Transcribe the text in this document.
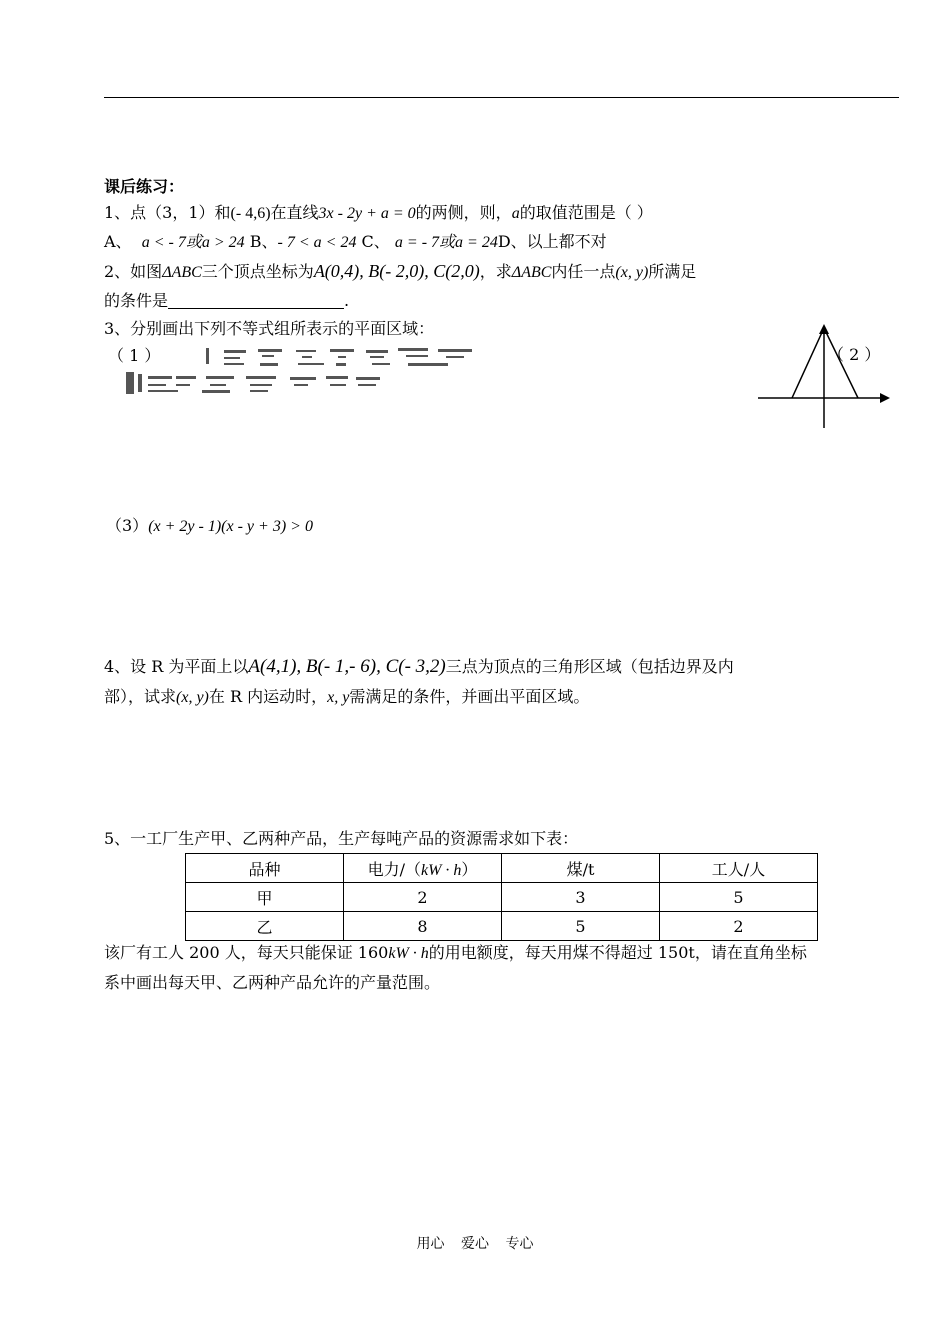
课后练习：
1、点（3，1）和(- 4,6)在直线3x - 2y + a = 0的两侧，则，a的取值范围是（ ）
A、 a < - 7或a > 24 B、- 7 < a < 24 C、 a = - 7或a = 24D、以上都不对
2、如图ΔABC三个顶点坐标为A(0,4), B(- 2,0), C(2,0)，求ΔABC内任一点(x, y)所满足
的条件是	.
3、分别画出下列不等式组所表示的平面区域：
（ 1 ）	（ 2 ）
（3）(x + 2y - 1)(x - y + 3) > 0
4、设 R 为平面上以A(4,1), B(- 1,- 6), C(- 3,2)三点为顶点的三角形区域（包括边界及内
部），试求(x, y)在 R 内运动时，x, y需满足的条件，并画出平面区域。
5、一工厂生产甲、乙两种产品，生产每吨产品的资源需求如下表：
品种	电力/（kW · h）	煤/t	工人/人
甲	2	3	5
乙	8	5	2
该厂有工人 200 人，每天只能保证 160kW · h的用电额度，每天用煤不得超过 150t，请在直角坐标
系中画出每天甲、乙两种产品允许的产量范围。
用心 爱心 专心
